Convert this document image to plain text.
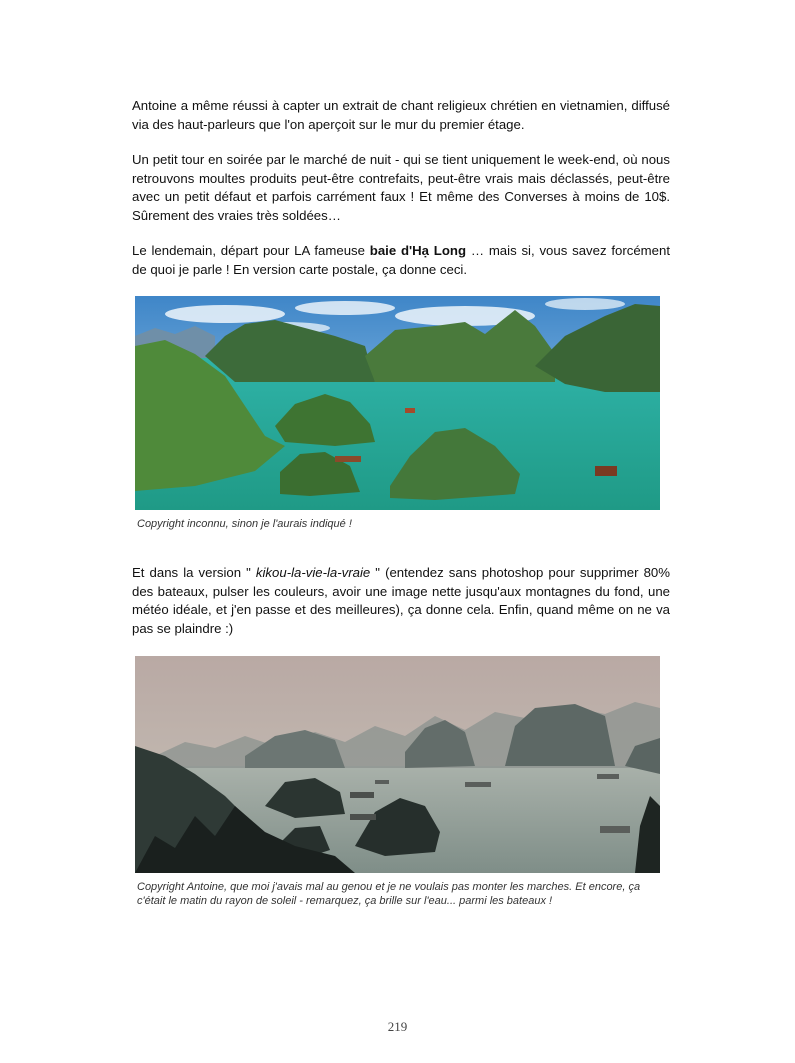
Antoine a même réussi à capter un extrait de chant religieux chrétien en vietnamien, diffusé via des haut-parleurs que l'on aperçoit sur le mur du premier étage.

Un petit tour en soirée par le marché de nuit - qui se tient uniquement le week-end, où nous retrouvons moultes produits peut-être contrefaits, peut-être vrais mais déclassés, peut-être avec un petit défaut et parfois carrément faux ! Et même des Converses à moins de 10$. Sûrement des vraies très soldées…

Le lendemain, départ pour LA fameuse baie d'Hạ Long … mais si, vous savez forcément de quoi je parle ! En version carte postale, ça donne ceci.

Copyright inconnu, sinon je l'aurais indiqué !

Et dans la version " kikou-la-vie-la-vraie " (entendez sans photoshop pour supprimer 80% des bateaux, pulser les couleurs, avoir une image nette jusqu'aux montagnes du fond, une météo idéale, et j'en passe et des meilleures), ça donne cela. Enfin, quand même on ne va pas se plaindre :)

Copyright Antoine, que moi j'avais mal au genou et je ne voulais pas monter les marches. Et encore, ça c'était le matin du rayon de soleil - remarquez, ça brille sur l'eau... parmi les bateaux !

219
